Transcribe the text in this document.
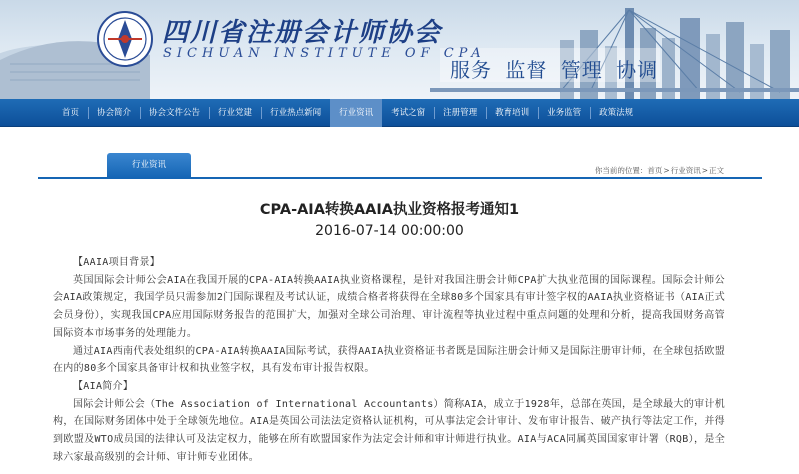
四川省注册会计师协会
SICHUAN INSTITUTE OF CPA
服务 监督 管理 协调
首页	协会简介	协会文件公告	行业党建	行业热点新闻	行业资讯	考试之窗	注册管理	教育培训	业务监管	政策法规
行业资讯
你当前的位置：首页>行业资讯>正文
CPA-AIA转换AAIA执业资格报考通知1
2016-07-14 00:00:00

【AAIA项目背景】

英国国际会计师公会AIA在我国开展的CPA-AIA转换AAIA执业资格课程，是针对我国注册会计师CPA扩大执业范围的国际课程。国际会计师公会AIA政策规定，我国学员只需参加2门国际课程及考试认证，成绩合格者将获得在全球80多个国家具有审计签字权的AAIA执业资格证书（AIA正式会员身份），实现我国CPA应用国际财务报告的范围扩大，加强对全球公司治理、审计流程等执业过程中重点问题的处理和分析，提高我国财务高管国际资本市场事务的处理能力。

通过AIA西南代表处组织的CPA-AIA转换AAIA国际考试，获得AAIA执业资格证书者既是国际注册会计师又是国际注册审计师，在全球包括欧盟在内的80多个国家具备审计权和执业签字权，具有发布审计报告权限。

【AIA简介】

国际会计师公会（The Association of International Accountants）简称AIA，成立于1928年，总部在英国，是全球最大的审计机构，在国际财务团体中处于全球领先地位。AIA是英国公司法法定资格认证机构，可从事法定会计审计、发布审计报告、破产执行等法定工作，并得到欧盟及WTO成员国的法律认可及法定权力，能够在所有欧盟国家作为法定会计师和审计师进行执业。AIA与ACA同属英国国家审计署（RQB），是全球六家最高级别的会计师、审计师专业团体。
